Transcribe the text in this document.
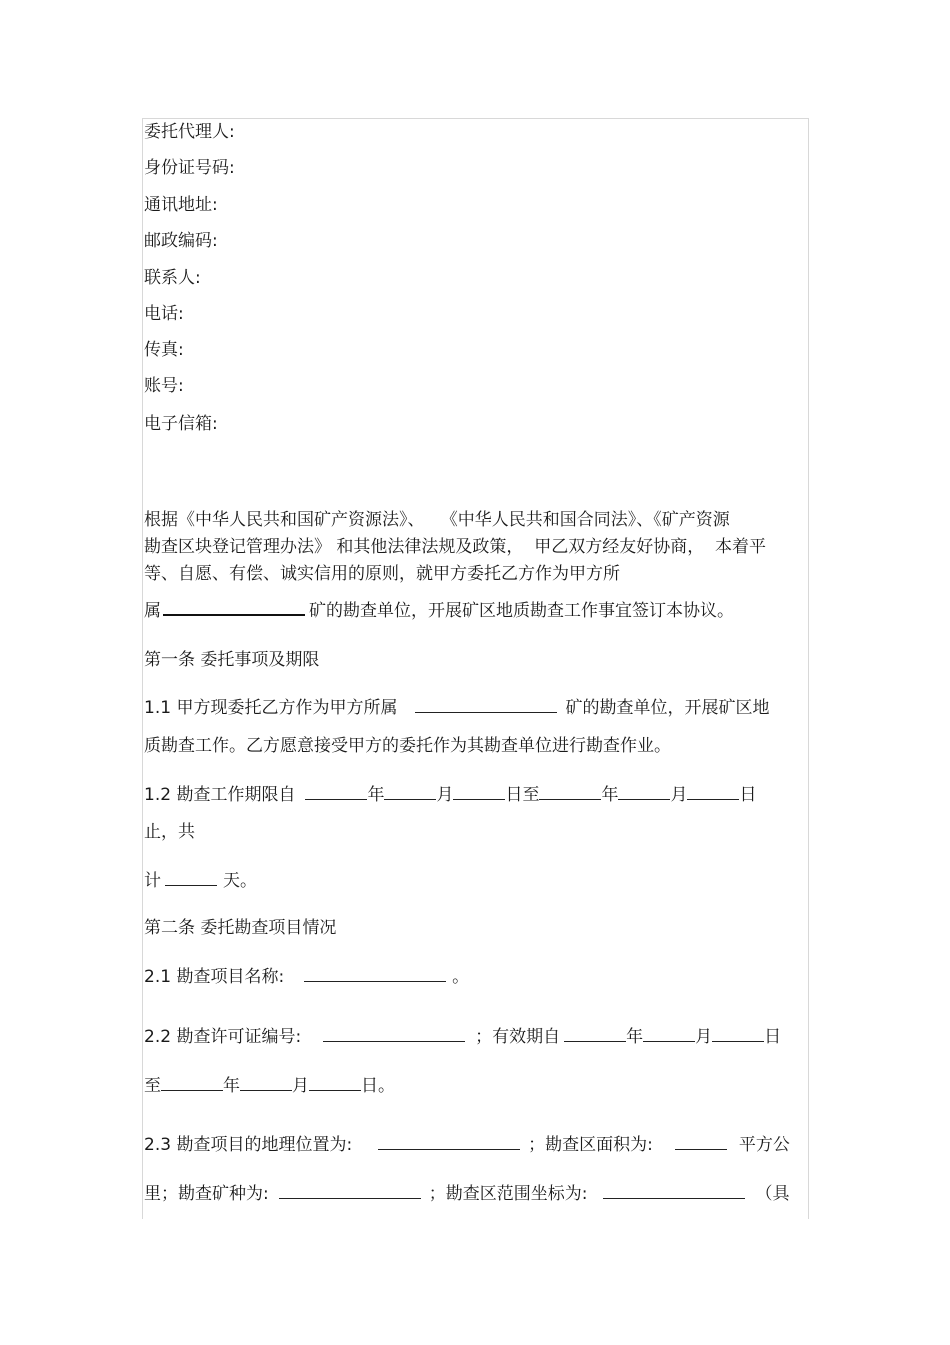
委托代理人:
身份证号码:
通讯地址:
邮政编码:
联系人:
电话:
传真:
账号:
电子信箱:
根据《中华人民共和国矿产资源法》、   《中华人民共和国合同法》、《矿产资源
勘查区块登记管理办法》 和其他法律法规及政策，  甲乙双方经友好协商，  本着平
等、自愿、有偿、诚实信用的原则，就甲方委托乙方作为甲方所
属	矿的勘查单位，开展矿区地质勘查工作事宜签订本协议。
第一条 委托事项及期限
1.1 甲方现委托乙方作为甲方所属	矿的勘查单位，开展矿区地
质勘查工作。乙方愿意接受甲方的委托作为其勘查单位进行勘查作业。
1.2 勘查工作期限自	年	月	日至	年	月	日
止，共
计	天。
第二条 委托勘查项目情况
2.1 勘查项目名称:	。
2.2 勘查许可证编号:	；有效期自	年	月	日
至	年	月	日。
2.3 勘查项目的地理位置为:	；勘查区面积为:	平方公
里；勘查矿种为:	；勘查区范围坐标为:	（具
